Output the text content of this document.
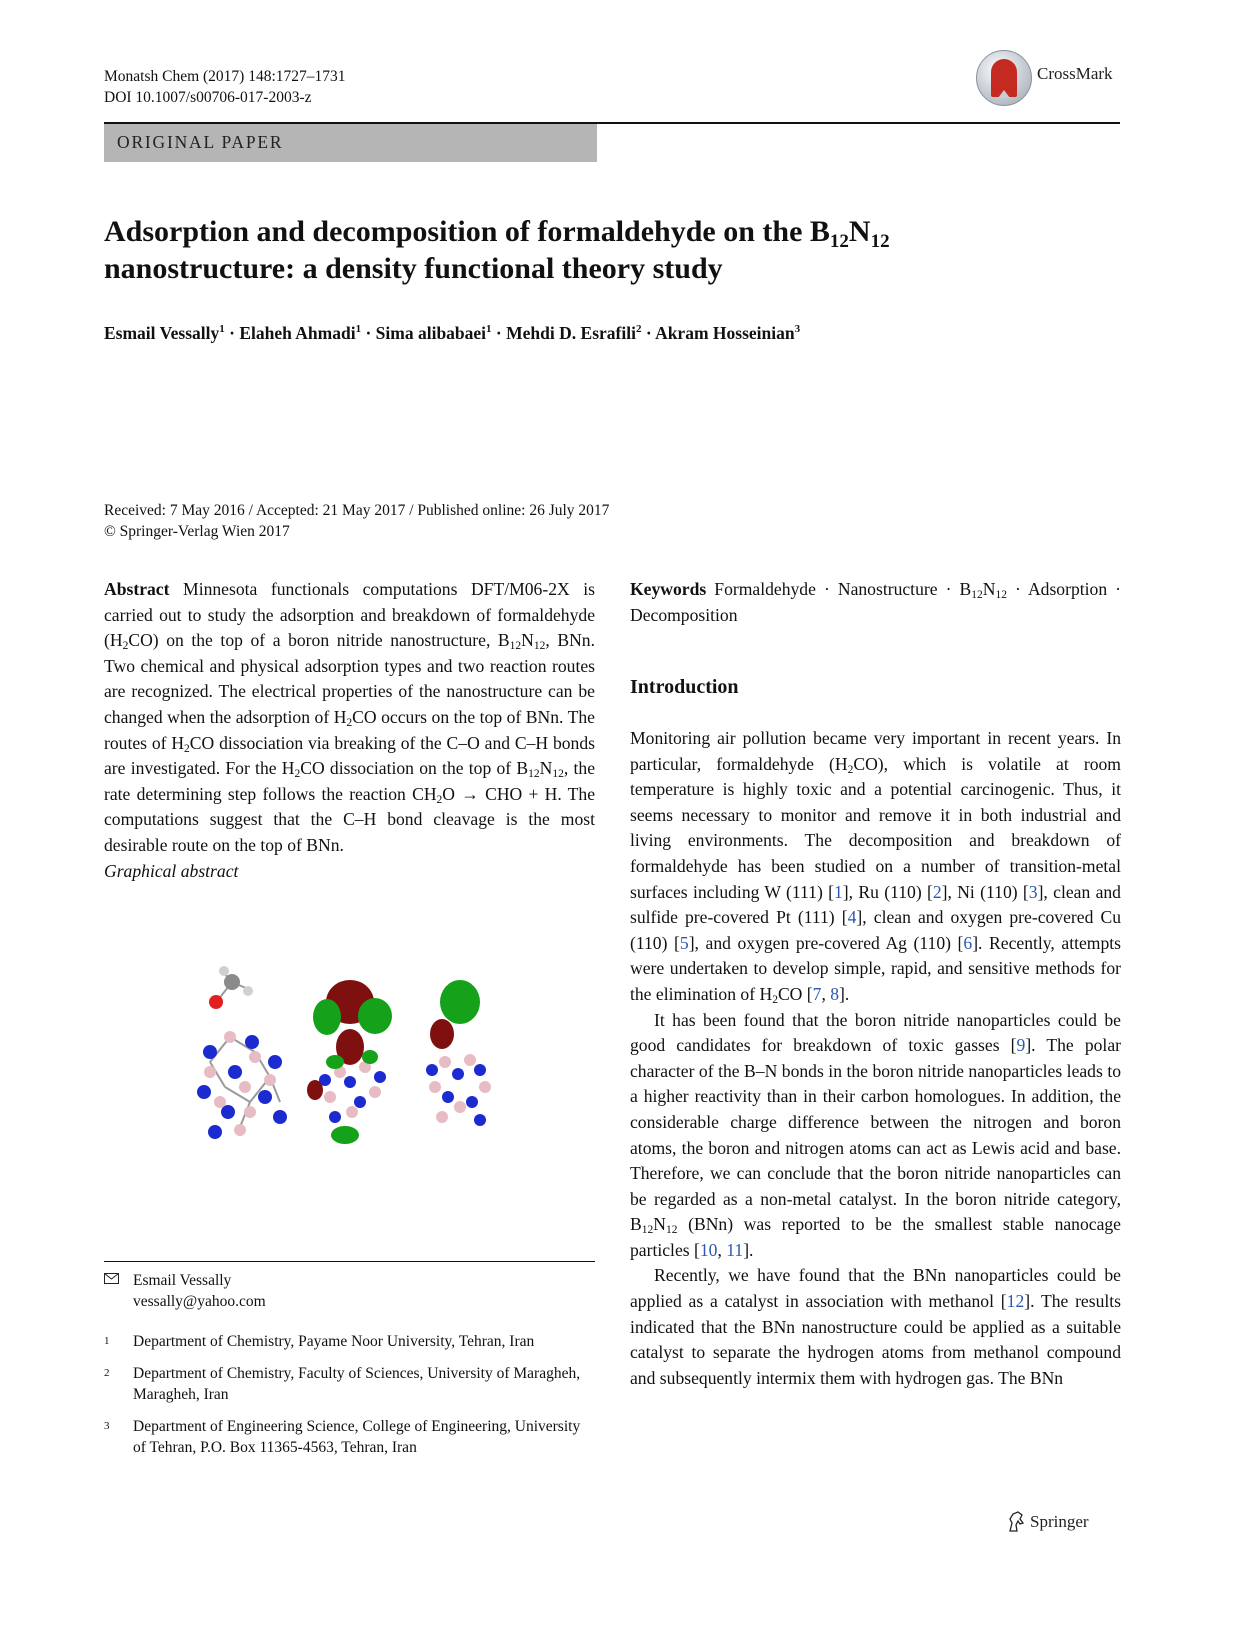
Monatsh Chem (2017) 148:1727–1731
DOI 10.1007/s00706-017-2003-z
CrossMark
ORIGINAL PAPER
Adsorption and decomposition of formaldehyde on the $B_{12}N_{12}$
nanostructure: a density functional theory study
Esmail Vessally$^1$ · Elaheh Ahmadi$^1$ · Sima alibabaei$^1$ · Mehdi D. Esrafili$^2$ · Akram Hosseinian$^3$
Received: 7 May 2016 / Accepted: 21 May 2017 / Published online: 26 July 2017
© Springer-Verlag Wien 2017
Abstract Minnesota functionals computations DFT/M06-2X is carried out to study the adsorption and breakdown of formaldehyde $(H_2CO)$ on the top of a boron nitride nanostructure, $B_{12}N_{12}$, BNn. Two chemical and physical adsorption types and two reaction routes are recognized. The electrical properties of the nanostructure can be changed when the adsorption of $H_2CO$ occurs on the top of BNn. The routes of $H_2CO$ dissociation via breaking of the C–O and C–H bonds are investigated. For the $H_2CO$ dissociation on the top of $B_{12}N_{12}$, the rate determining step follows the reaction $CH_2O$ → CHO + H. The computations suggest that the C–H bond cleavage is the most desirable route on the top of BNn.
Graphical abstract
Esmail Vessally
vessally@yahoo.com
1 Department of Chemistry, Payame Noor University, Tehran, Iran
2 Department of Chemistry, Faculty of Sciences, University of Maragheh, Maragheh, Iran
3 Department of Engineering Science, College of Engineering, University of Tehran, P.O. Box 11365-4563, Tehran, Iran
Keywords Formaldehyde · Nanostructure · $B_{12}N_{12}$ · Adsorption · Decomposition
Introduction
Monitoring air pollution became very important in recent years. In particular, formaldehyde $(H_2CO)$, which is volatile at room temperature is highly toxic and a potential carcinogenic. Thus, it seems necessary to monitor and remove it in both industrial and living environments. The decomposition and breakdown of formaldehyde has been studied on a number of transition-metal surfaces including W (111) [1], Ru (110) [2], Ni (110) [3], clean and sulfide pre-covered Pt (111) [4], clean and oxygen pre-covered Cu (110) [5], and oxygen pre-covered Ag (110) [6]. Recently, attempts were undertaken to develop simple, rapid, and sensitive methods for the elimination of $H_2CO$ [7, 8].
It has been found that the boron nitride nanoparticles could be good candidates for breakdown of toxic gasses [9]. The polar character of the B–N bonds in the boron nitride nanoparticles leads to a higher reactivity than in their carbon homologues. In addition, the considerable charge difference between the nitrogen and boron atoms, the boron and nitrogen atoms can act as Lewis acid and base. Therefore, we can conclude that the boron nitride nanoparticles can be regarded as a non-metal catalyst. In the boron nitride category, $B_{12}N_{12}$ (BNn) was reported to be the smallest stable nanocage particles [10, 11].
Recently, we have found that the BNn nanoparticles could be applied as a catalyst in association with methanol [12]. The results indicated that the BNn nanostructure could be applied as a suitable catalyst to separate the hydrogen atoms from methanol compound and subsequently intermix them with hydrogen gas. The BNn
Springer
